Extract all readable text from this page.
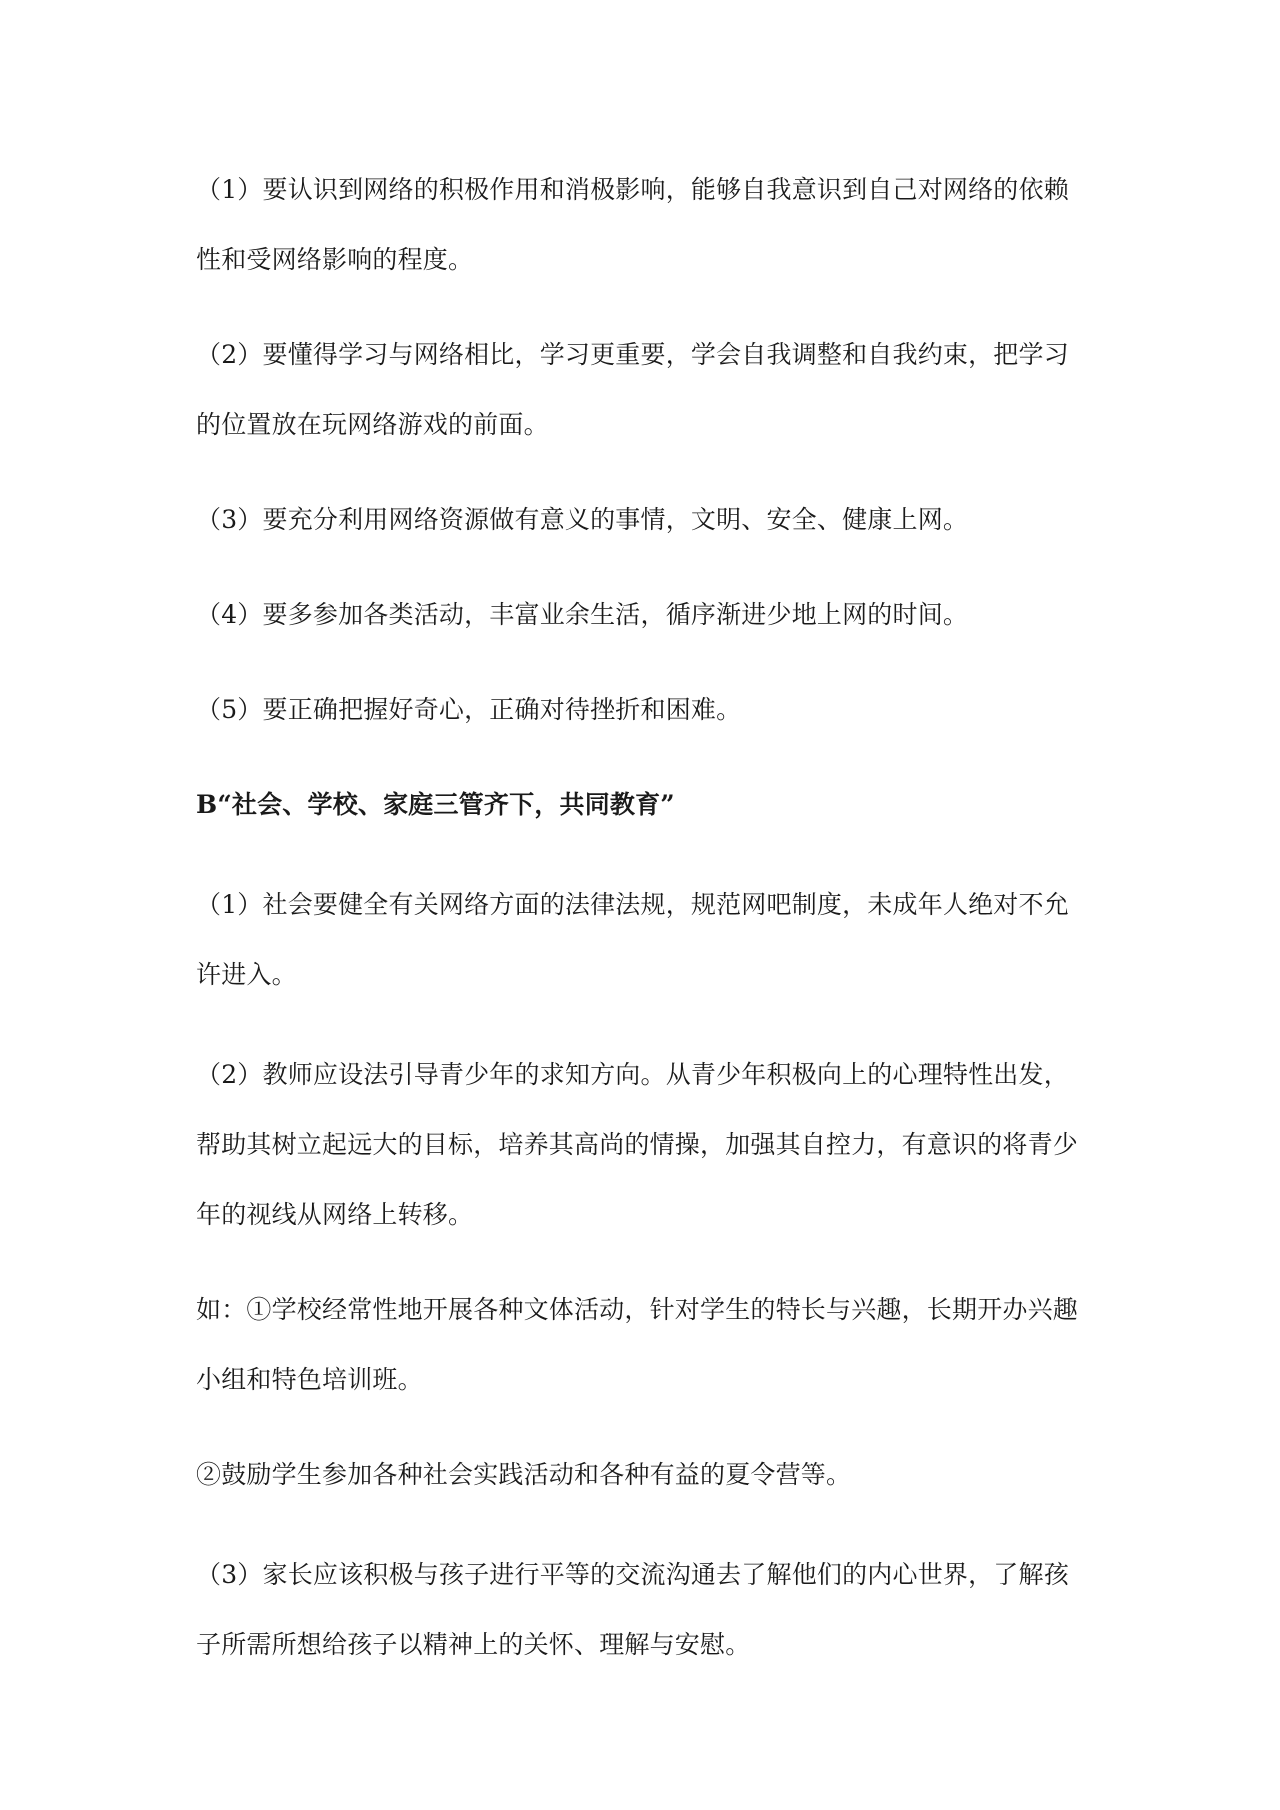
（1）要认识到网络的积极作用和消极影响，能够自我意识到自己对网络的依赖
性和受网络影响的程度。

（2）要懂得学习与网络相比，学习更重要，学会自我调整和自我约束，把学习
的位置放在玩网络游戏的前面。

（3）要充分利用网络资源做有意义的事情，文明、安全、健康上网。

（4）要多参加各类活动，丰富业余生活，循序渐进少地上网的时间。

（5）要正确把握好奇心，正确对待挫折和困难。

B“社会、学校、家庭三管齐下，共同教育”

（1）社会要健全有关网络方面的法律法规，规范网吧制度，未成年人绝对不允
许进入。

（2）教师应设法引导青少年的求知方向。从青少年积极向上的心理特性出发，
帮助其树立起远大的目标，培养其高尚的情操，加强其自控力，有意识的将青少
年的视线从网络上转移。

如：①学校经常性地开展各种文体活动，针对学生的特长与兴趣，长期开办兴趣
小组和特色培训班。

②鼓励学生参加各种社会实践活动和各种有益的夏令营等。

（3）家长应该积极与孩子进行平等的交流沟通去了解他们的内心世界，了解孩
子所需所想给孩子以精神上的关怀、理解与安慰。
